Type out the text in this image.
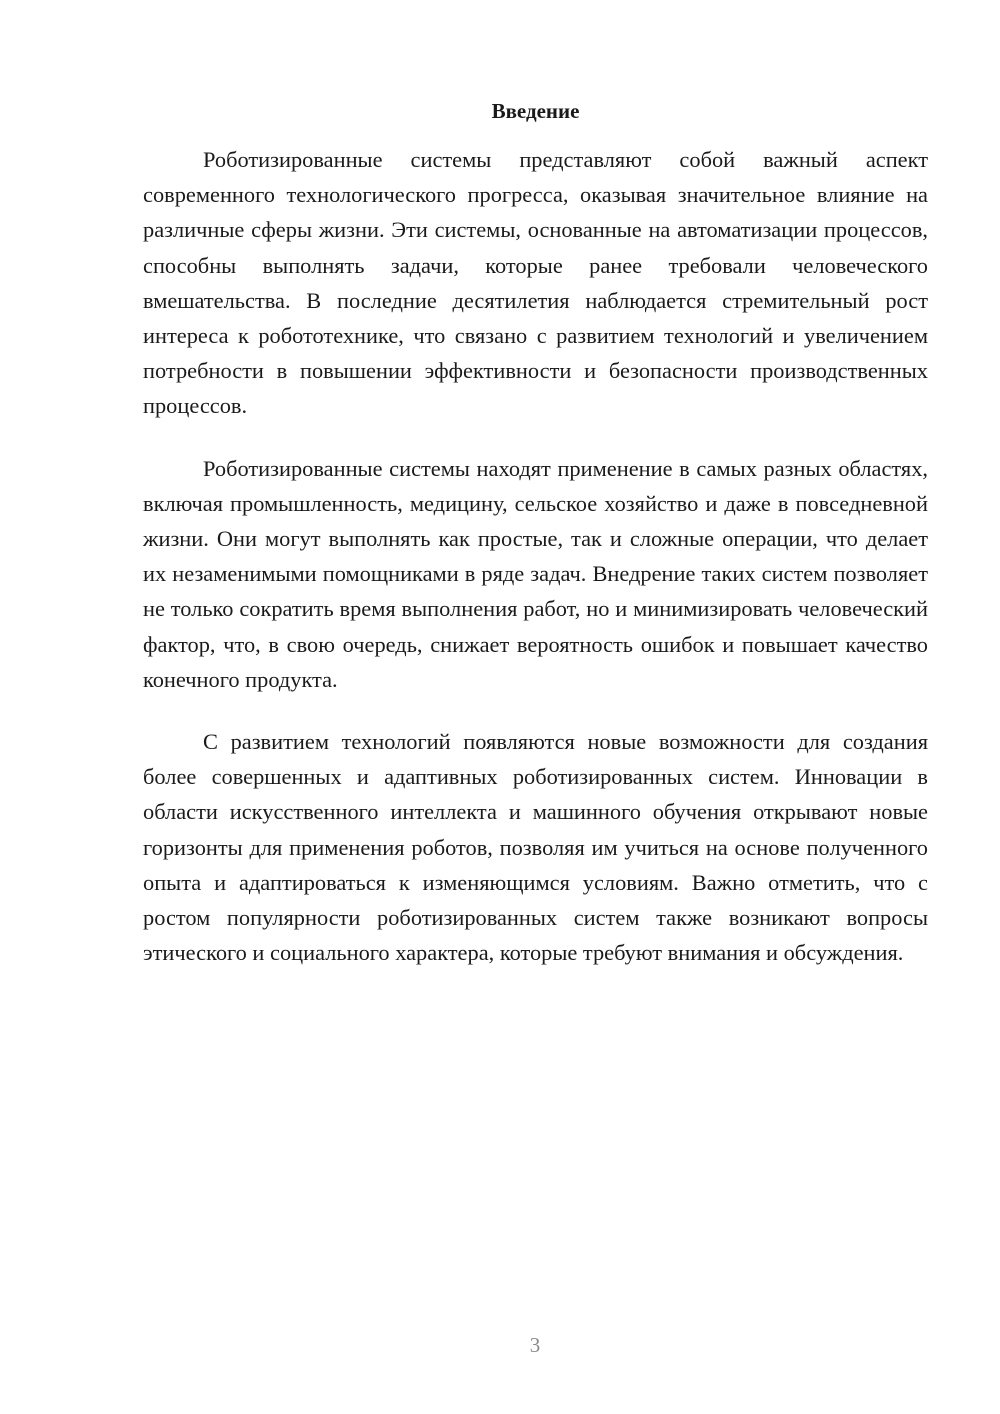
Введение

Роботизированные системы представляют собой важный аспект современного технологического прогресса, оказывая значительное влияние на различные сферы жизни. Эти системы, основанные на автоматизации процессов, способны выполнять задачи, которые ранее требовали человеческого вмешательства. В последние десятилетия наблюдается стремительный рост интереса к робототехнике, что связано с развитием технологий и увеличением потребности в повышении эффективности и безопасности производственных процессов.

Роботизированные системы находят применение в самых разных областях, включая промышленность, медицину, сельское хозяйство и даже в повседневной жизни. Они могут выполнять как простые, так и сложные операции, что делает их незаменимыми помощниками в ряде задач. Внедрение таких систем позволяет не только сократить время выполнения работ, но и минимизировать человеческий фактор, что, в свою очередь, снижает вероятность ошибок и повышает качество конечного продукта.

С развитием технологий появляются новые возможности для создания более совершенных и адаптивных роботизированных систем. Инновации в области искусственного интеллекта и машинного обучения открывают новые горизонты для применения роботов, позволяя им учиться на основе полученного опыта и адаптироваться к изменяющимся условиям. Важно отметить, что с ростом популярности роботизированных систем также возникают вопросы этического и социального характера, которые требуют внимания и обсуждения.

3
